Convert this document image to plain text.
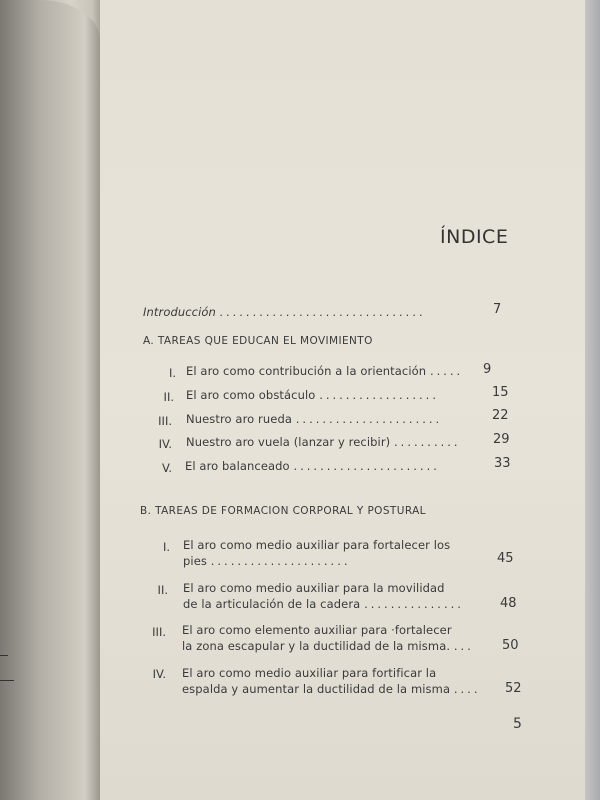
ÍNDICE
Introducción ...............................	7
A. TAREAS QUE EDUCAN EL MOVIMIENTO
I. El aro como contribución a la orientación ..... 9
II. El aro como obstáculo ..................	15
III. Nuestro aro rueda ......................	22
IV. Nuestro aro vuela (lanzar y recibir) .......... 29
V. El aro balanceado ......................	33
B. TAREAS DE FORMACION CORPORAL Y POSTURAL
I. El aro como medio auxiliar para fortalecer los
pies .....................	45
II. El aro como medio auxiliar para la movilidad
de la articulación de la cadera ...............	48
III. El aro como elemento auxiliar para ·fortalecer
la zona escapular y la ductilidad de la misma. ... 50
IV. El aro como medio auxiliar para fortificar la
espalda y aumentar la ductilidad de la misma .... 52
5
